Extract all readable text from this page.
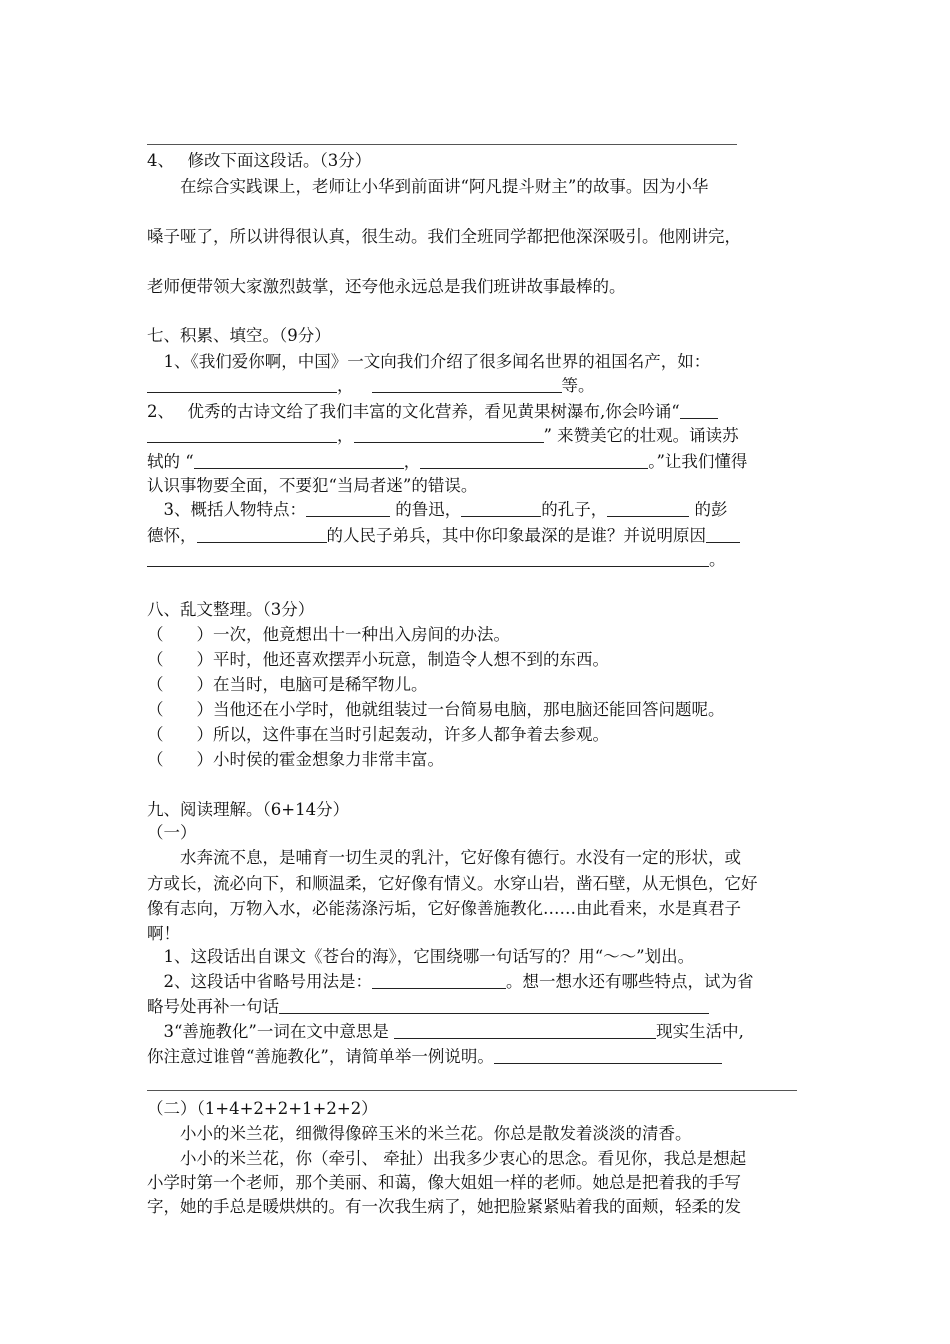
4、　 修改下面这段话。（3分）
　　在综合实践课上，老师让小华到前面讲“阿凡提斗财主”的故事。因为小华
嗓子哑了，所以讲得很认真，很生动。我们全班同学都把他深深吸引。他刚讲完，
老师便带领大家激烈鼓掌，还夸他永远总是我们班讲故事最棒的。
七、积累、填空。（9分）
　1、《我们爱你啊，中国》一文向我们介绍了很多闻名世界的祖国名产，如：
，	等。
2、　 优秀的古诗文给了我们丰富的文化营养，看见黄果树瀑布,你会吟诵“
，	” 来赞美它的壮观。诵读苏
轼的 “	，	。”让我们懂得
认识事物要全面，不要犯“当局者迷”的错误。
　3、概括人物特点：	的鲁迅，	的孔子，	的彭
德怀，	的人民子弟兵，其中你印象最深的是谁？并说明原因
。
八、乱文整理。（3分）
（　　）一次，他竟想出十一种出入房间的办法。
（　　）平时，他还喜欢摆弄小玩意，制造令人想不到的东西。
（　　）在当时，电脑可是稀罕物儿。
（　　）当他还在小学时，他就组装过一台简易电脑，那电脑还能回答问题呢。
（　　）所以，这件事在当时引起轰动，许多人都争着去参观。
（　　）小时侯的霍金想象力非常丰富。
九、阅读理解。（6+14分）
（一）
　　水奔流不息，是哺育一切生灵的乳汁，它好像有德行。水没有一定的形状，或
方或长，流必向下，和顺温柔，它好像有情义。水穿山岩，凿石壁，从无惧色，它好
像有志向，万物入水，必能荡涤污垢，它好像善施教化……由此看来，水是真君子
啊！
　1、这段话出自课文《苍台的海》，它围绕哪一句话写的？用“～～”划出。
　2、这段话中省略号用法是：	。想一想水还有哪些特点，试为省
略号处再补一句话
　3“善施教化”一词在文中意思是	现实生活中,
你注意过谁曾“善施教化”，请简单举一例说明。
（二）（1+4+2+2+1+2+2）
　　小小的米兰花，细微得像碎玉米的米兰花。你总是散发着淡淡的清香。
　　小小的米兰花，你（牵引、 牵扯）出我多少衷心的思念。看见你，我总是想起
小学时第一个老师，那个美丽、和蔼，像大姐姐一样的老师。她总是把着我的手写
字，她的手总是暖烘烘的。有一次我生病了，她把脸紧紧贴着我的面颊，轻柔的发
